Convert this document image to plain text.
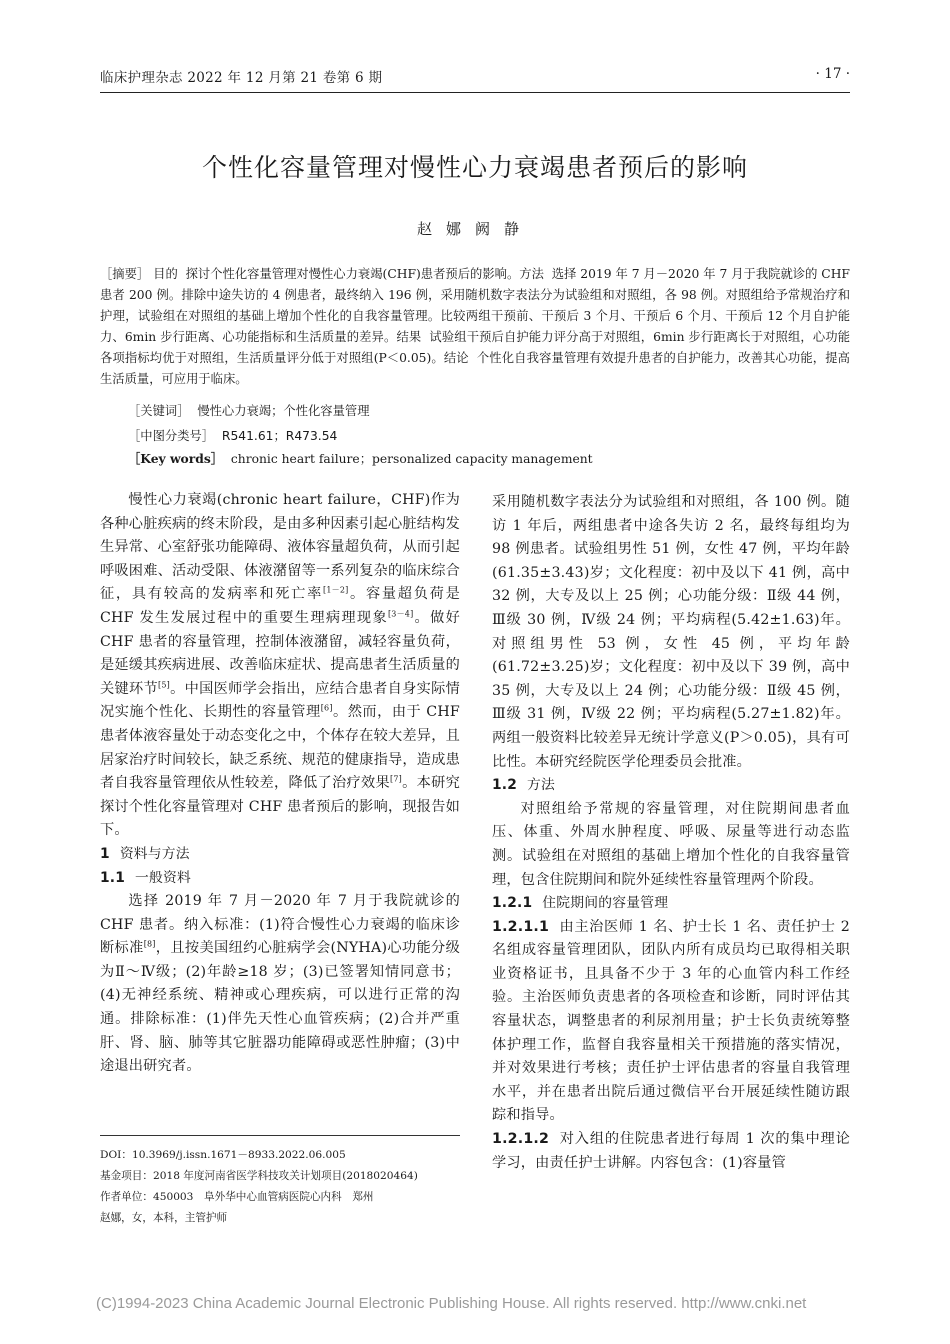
临床护理杂志 2022 年 12 月第 21 卷第 6 期	· 17 ·
个性化容量管理对慢性心力衰竭患者预后的影响
赵娜阙静

［摘要］ 目的 探讨个性化容量管理对慢性心力衰竭(CHF)患者预后的影响。方法 选择 2019 年 7 月－2020 年 7 月于我院就诊的 CHF 患者 200 例。排除中途失访的 4 例患者，最终纳入 196 例，采用随机数字表法分为试验组和对照组，各 98 例。对照组给予常规治疗和护理，试验组在对照组的基础上增加个性化的自我容量管理。比较两组干预前、干预后 3 个月、干预后 6 个月、干预后 12 个月自护能力、6min 步行距离、心功能指标和生活质量的差异。结果 试验组干预后自护能力评分高于对照组，6min 步行距离长于对照组，心功能各项指标均优于对照组，生活质量评分低于对照组(P＜0.05)。结论 个性化自我容量管理有效提升患者的自护能力，改善其心功能，提高生活质量，可应用于临床。

［关键词］ 慢性心力衰竭；个性化容量管理
［中图分类号］ R541.61；R473.54
［Key words］ chronic heart failure；personalized capacity management

慢性心力衰竭(chronic heart failure，CHF)作为各种心脏疾病的终末阶段，是由多种因素引起心脏结构发生异常、心室舒张功能障碍、液体容量超负荷，从而引起呼吸困难、活动受限、体液潴留等一系列复杂的临床综合征，具有较高的发病率和死亡率[1－2]。容量超负荷是 CHF 发生发展过程中的重要生理病理现象[3－4]。做好 CHF 患者的容量管理，控制体液潴留，减轻容量负荷，是延缓其疾病进展、改善临床症状、提高患者生活质量的关键环节[5]。中国医师学会指出，应结合患者自身实际情况实施个性化、长期性的容量管理[6]。然而，由于 CHF 患者体液容量处于动态变化之中，个体存在较大差异，且居家治疗时间较长，缺乏系统、规范的健康指导，造成患者自我容量管理依从性较差，降低了治疗效果[7]。本研究探讨个性化容量管理对 CHF 患者预后的影响，现报告如下。

1 资料与方法

1.1 一般资料

选择 2019 年 7 月－2020 年 7 月于我院就诊的 CHF 患者。纳入标准：(1)符合慢性心力衰竭的临床诊断标准[8]，且按美国纽约心脏病学会(NYHA)心功能分级为Ⅱ～Ⅳ级；(2)年龄≥18 岁；(3)已签署知情同意书；(4)无神经系统、精神或心理疾病，可以进行正常的沟通。排除标准：(1)伴先天性心血管疾病；(2)合并严重肝、肾、脑、肺等其它脏器功能障碍或恶性肿瘤；(3)中途退出研究者。

DOI：10.3969/j.issn.1671－8933.2022.06.005

基金项目：2018 年度河南省医学科技攻关计划项目(2018020464)

作者单位：450003　阜外华中心血管病医院心内科　郑州

赵娜，女，本科，主管护师

采用随机数字表法分为试验组和对照组，各 100 例。随访 1 年后，两组患者中途各失访 2 名，最终每组均为 98 例患者。试验组男性 51 例，女性 47 例，平均年龄(61.35±3.43)岁；文化程度：初中及以下 41 例，高中 32 例，大专及以上 25 例；心功能分级：Ⅱ级 44 例，Ⅲ级 30 例，Ⅳ级 24 例；平均病程(5.42±1.63)年。对照组男性 53 例，女性 45 例，平均年龄(61.72±3.25)岁；文化程度：初中及以下 39 例，高中 35 例，大专及以上 24 例；心功能分级：Ⅱ级 45 例，Ⅲ级 31 例，Ⅳ级 22 例；平均病程(5.27±1.82)年。两组一般资料比较差异无统计学意义(P＞0.05)，具有可比性。本研究经院医学伦理委员会批准。

1.2 方法

对照组给予常规的容量管理，对住院期间患者血压、体重、外周水肿程度、呼吸、尿量等进行动态监测。试验组在对照组的基础上增加个性化的自我容量管理，包含住院期间和院外延续性容量管理两个阶段。

1.2.1 住院期间的容量管理

1.2.1.1 由主治医师 1 名、护士长 1 名、责任护士 2 名组成容量管理团队，团队内所有成员均已取得相关职业资格证书，且具备不少于 3 年的心血管内科工作经验。主治医师负责患者的各项检查和诊断，同时评估其容量状态，调整患者的利尿剂用量；护士长负责统筹整体护理工作，监督自我容量相关干预措施的落实情况，并对效果进行考核；责任护士评估患者的容量自我管理水平，并在患者出院后通过微信平台开展延续性随访跟踪和指导。

1.2.1.2 对入组的住院患者进行每周 1 次的集中理论学习，由责任护士讲解。内容包含：(1)容量管

(C)1994-2023 China Academic Journal Electronic Publishing House. All rights reserved. http://www.cnki.net
